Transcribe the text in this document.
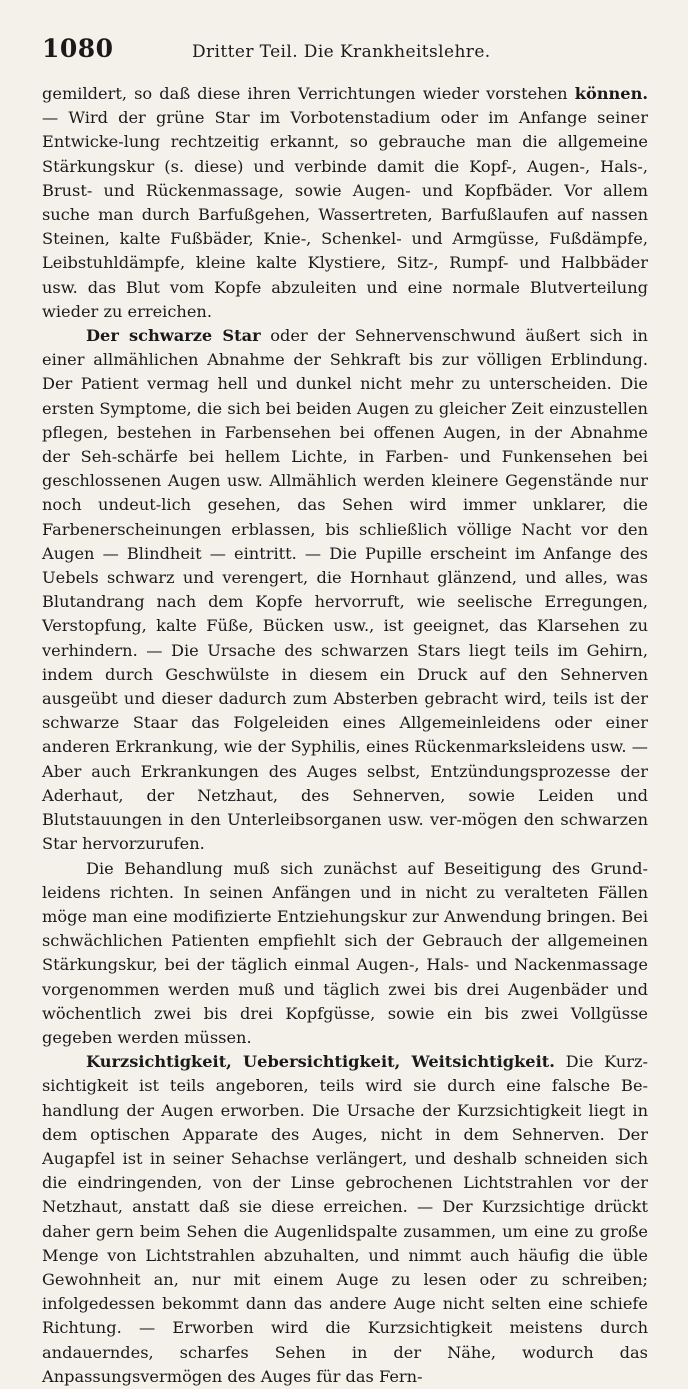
1080	Dritter Teil. Die Krankheitslehre.

gemildert, so daß diese ihren Verrichtungen wieder vorstehen können. — Wird der grüne Star im Vorbotenstadium oder im Anfange seiner Entwicke-lung rechtzeitig erkannt, so gebrauche man die allgemeine Stärkungskur (s. diese) und verbinde damit die Kopf-, Augen-, Hals-, Brust- und Rückenmassage, sowie Augen- und Kopfbäder. Vor allem suche man durch Barfußgehen, Wassertreten, Barfußlaufen auf nassen Steinen, kalte Fußbäder, Knie-, Schenkel- und Armgüsse, Fußdämpfe, Leibstuhldämpfe, kleine kalte Klystiere, Sitz-, Rumpf- und Halbbäder usw. das Blut vom Kopfe abzuleiten und eine normale Blutverteilung wieder zu erreichen.

Der schwarze Star oder der Sehnervenschwund äußert sich in einer allmählichen Abnahme der Sehkraft bis zur völligen Erblindung. Der Patient vermag hell und dunkel nicht mehr zu unterscheiden. Die ersten Symptome, die sich bei beiden Augen zu gleicher Zeit einzustellen pflegen, bestehen in Farbensehen bei offenen Augen, in der Abnahme der Seh-schärfe bei hellem Lichte, in Farben- und Funkensehen bei geschlossenen Augen usw. Allmählich werden kleinere Gegenstände nur noch undeut-lich gesehen, das Sehen wird immer unklarer, die Farbenerscheinungen erblassen, bis schließlich völlige Nacht vor den Augen — Blindheit — eintritt. — Die Pupille erscheint im Anfange des Uebels schwarz und verengert, die Hornhaut glänzend, und alles, was Blutandrang nach dem Kopfe hervorruft, wie seelische Erregungen, Verstopfung, kalte Füße, Bücken usw., ist geeignet, das Klarsehen zu verhindern. — Die Ursache des schwarzen Stars liegt teils im Gehirn, indem durch Geschwülste in diesem ein Druck auf den Sehnerven ausgeübt und dieser dadurch zum Absterben gebracht wird, teils ist der schwarze Staar das Folgeleiden eines Allgemeinleidens oder einer anderen Erkrankung, wie der Syphilis, eines Rückenmarksleidens usw. — Aber auch Erkrankungen des Auges selbst, Entzündungsprozesse der Aderhaut, der Netzhaut, des Sehnerven, sowie Leiden und Blutstauungen in den Unterleibsorganen usw. ver-mögen den schwarzen Star hervorzurufen.

Die Behandlung muß sich zunächst auf Beseitigung des Grund-leidens richten. In seinen Anfängen und in nicht zu veralteten Fällen möge man eine modifizierte Entziehungskur zur Anwendung bringen. Bei schwächlichen Patienten empfiehlt sich der Gebrauch der allgemeinen Stärkungskur, bei der täglich einmal Augen-, Hals- und Nackenmassage vorgenommen werden muß und täglich zwei bis drei Augenbäder und wöchentlich zwei bis drei Kopfgüsse, sowie ein bis zwei Vollgüsse gegeben werden müssen.

Kurzsichtigkeit, Uebersichtigkeit, Weitsichtigkeit. Die Kurz-sichtigkeit ist teils angeboren, teils wird sie durch eine falsche Be-handlung der Augen erworben. Die Ursache der Kurzsichtigkeit liegt in dem optischen Apparate des Auges, nicht in dem Sehnerven. Der Augapfel ist in seiner Sehachse verlängert, und deshalb schneiden sich die eindringenden, von der Linse gebrochenen Lichtstrahlen vor der Netzhaut, anstatt daß sie diese erreichen. — Der Kurzsichtige drückt daher gern beim Sehen die Augenlidspalte zusammen, um eine zu große Menge von Lichtstrahlen abzuhalten, und nimmt auch häufig die üble Gewohnheit an, nur mit einem Auge zu lesen oder zu schreiben; infolgedessen bekommt dann das andere Auge nicht selten eine schiefe Richtung. — Erworben wird die Kurzsichtigkeit meistens durch andauerndes, scharfes Sehen in der Nähe, wodurch das Anpassungsvermögen des Auges für das Fern-
